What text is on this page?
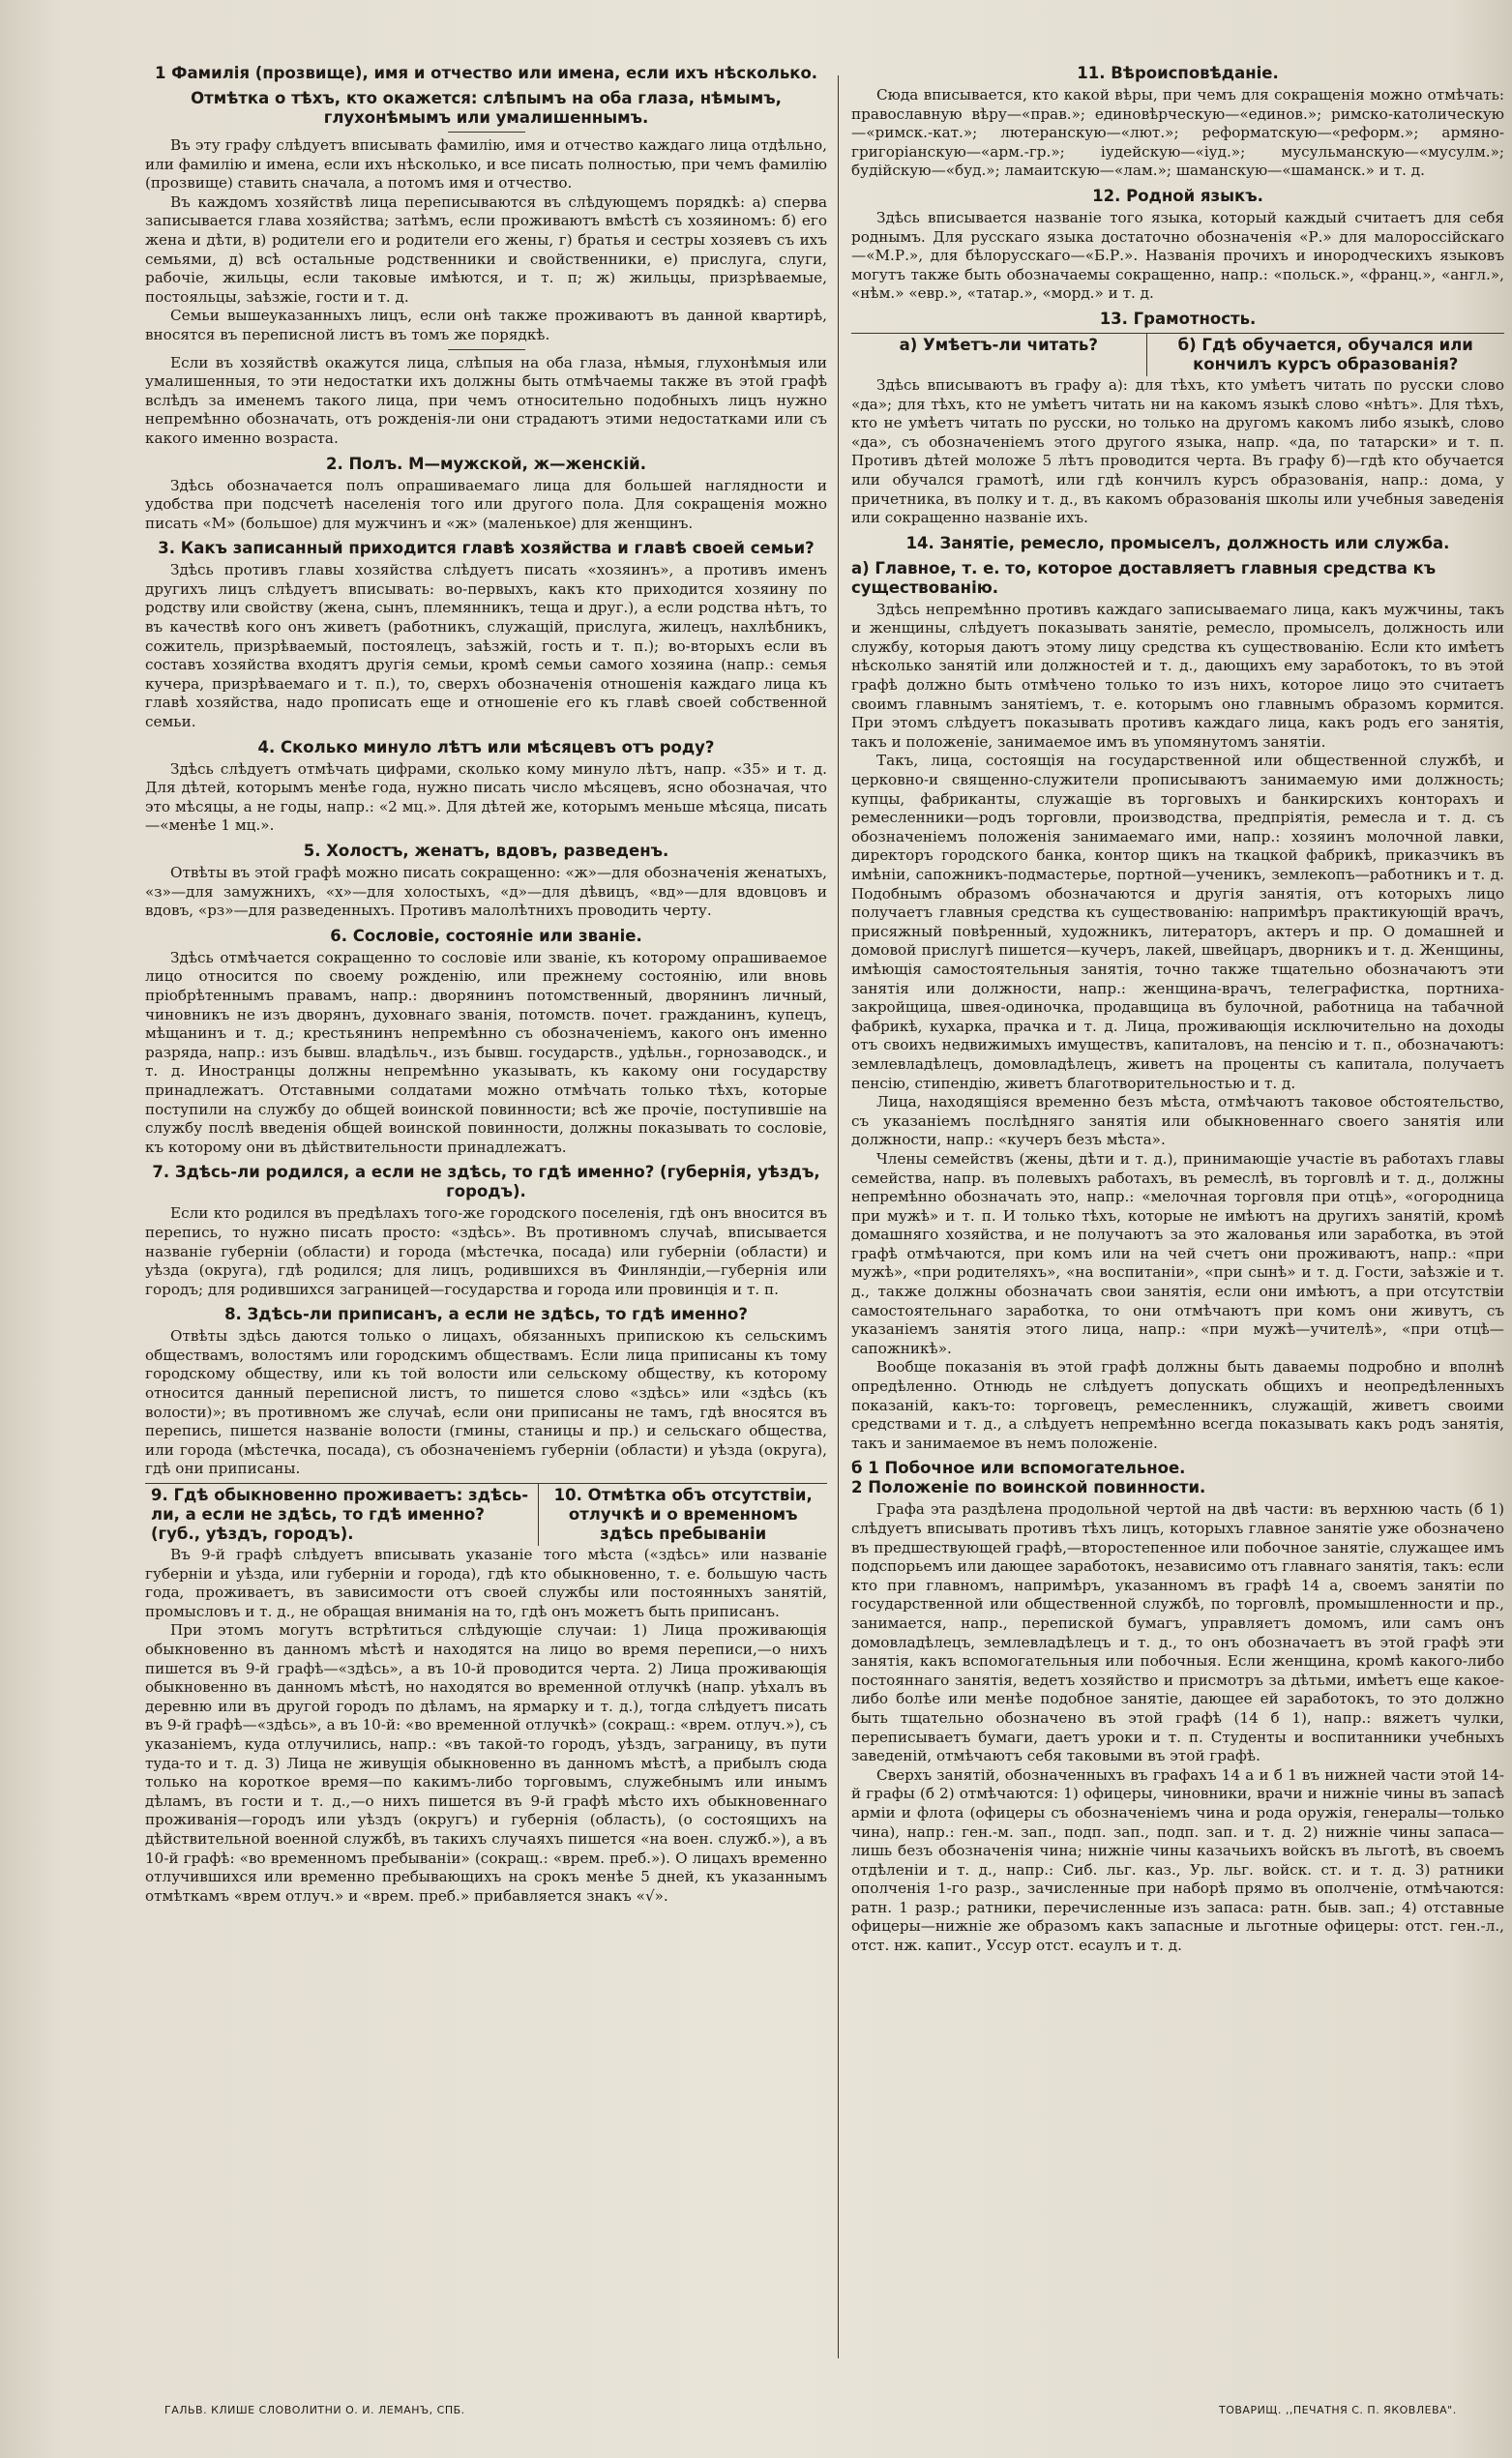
1 Фамилія (прозвище), имя и отчество или имена, если ихъ нѣсколько.
Отмѣтка о тѣхъ, кто окажется: слѣпымъ на оба глаза, нѣмымъ, глухонѣмымъ или умалишеннымъ.

Въ эту графу слѣдуетъ вписывать фамилію, имя и отчество каждаго лица отдѣльно, или фамилію и имена, если ихъ нѣсколько, и все писать полностью, при чемъ фамилію (прозвище) ставить сначала, а потомъ имя и отчество.

Въ каждомъ хозяйствѣ лица переписываются въ слѣдующемъ порядкѣ: а) сперва записывается глава хозяйства; затѣмъ, если проживаютъ вмѣстѣ съ хозяиномъ: б) его жена и дѣти, в) родители его и родители его жены, г) братья и сестры хозяевъ съ ихъ семьями, д) всѣ остальные родственники и свойственники, е) прислуга, слуги, рабочіе, жильцы, если таковые имѣются, и т. п; ж) жильцы, призрѣваемые, постояльцы, заѣзжіе, гости и т. д.

Семьи вышеуказанныхъ лицъ, если онѣ также проживаютъ въ данной квартирѣ, вносятся въ переписной листъ въ томъ же порядкѣ.

Если въ хозяйствѣ окажутся лица, слѣпыя на оба глаза, нѣмыя, глухонѣмыя или умалишенныя, то эти недостатки ихъ должны быть отмѣчаемы также въ этой графѣ вслѣдъ за именемъ такого лица, при чемъ относительно подобныхъ лицъ нужно непремѣнно обозначать, отъ рожденія-ли они страдаютъ этими недостатками или съ какого именно возраста.

2. Полъ. М—мужской, ж—женскій.

Здѣсь обозначается полъ опрашиваемаго лица для большей наглядности и удобства при подсчетѣ населенія того или другого пола. Для сокращенія можно писать «М» (большое) для мужчинъ и «ж» (маленькое) для женщинъ.

3. Какъ записанный приходится главѣ хозяйства и главѣ своей семьи?

Здѣсь противъ главы хозяйства слѣдуетъ писать «хозяинъ», а противъ именъ другихъ лицъ слѣдуетъ вписывать: во-первыхъ, какъ кто приходится хозяину по родству или свойству (жена, сынъ, племянникъ, теща и друг.), а если родства нѣтъ, то въ качествѣ кого онъ живетъ (работникъ, служащій, прислуга, жилецъ, нахлѣбникъ, сожитель, призрѣваемый, постоялецъ, заѣзжій, гость и т. п.); во-вторыхъ если въ составъ хозяйства входятъ другія семьи, кромѣ семьи самого хозяина (напр.: семья кучера, призрѣваемаго и т. п.), то, сверхъ обозначенія отношенія каждаго лица къ главѣ хозяйства, надо прописать еще и отношеніе его къ главѣ своей собственной семьи.

4. Сколько минуло лѣтъ или мѣсяцевъ отъ роду?

Здѣсь слѣдуетъ отмѣчать цифрами, сколько кому минуло лѣтъ, напр. «35» и т. д. Для дѣтей, которымъ менѣе года, нужно писать число мѣсяцевъ, ясно обозначая, что это мѣсяцы, а не годы, напр.: «2 мц.». Для дѣтей же, которымъ меньше мѣсяца, писать—«менѣе 1 мц.».

5. Холостъ, женатъ, вдовъ, разведенъ.

Отвѣты въ этой графѣ можно писать сокращенно: «ж»—для обозначенія женатыхъ, «з»—для замужнихъ, «х»—для холостыхъ, «д»—для дѣвицъ, «вд»—для вдовцовъ и вдовъ, «рз»—для разведенныхъ. Противъ малолѣтнихъ проводить черту.

6. Сословіе, состояніе или званіе.

Здѣсь отмѣчается сокращенно то сословіе или званіе, къ которому опрашиваемое лицо относится по своему рожденію, или прежнему состоянію, или вновь пріобрѣтеннымъ правамъ, напр.: дворянинъ потомственный, дворянинъ личный, чиновникъ не изъ дворянъ, духовнаго званія, потомств. почет. гражданинъ, купецъ, мѣщанинъ и т. д.; крестьянинъ непремѣнно съ обозначеніемъ, какого онъ именно разряда, напр.: изъ бывш. владѣльч., изъ бывш. государств., удѣльн., горнозаводск., и т. д. Иностранцы должны непремѣнно указывать, къ какому они государству принадлежатъ. Отставными солдатами можно отмѣчать только тѣхъ, которые поступили на службу до общей воинской повинности; всѣ же прочіе, поступившіе на службу послѣ введенія общей воинской повинности, должны показывать то сословіе, къ которому они въ дѣйствительности принадлежатъ.

7. Здѣсь-ли родился, а если не здѣсь, то гдѣ именно? (губернія, уѣздъ, городъ).

Если кто родился въ предѣлахъ того-же городского поселенія, гдѣ онъ вносится въ перепись, то нужно писать просто: «здѣсь». Въ противномъ случаѣ, вписывается названіе губерніи (области) и города (мѣстечка, посада) или губерніи (области) и уѣзда (округа), гдѣ родился; для лицъ, родившихся въ Финляндіи,—губернія или городъ; для родившихся заграницей—государства и города или провинція и т. п.

8. Здѣсь-ли приписанъ, а если не здѣсь, то гдѣ именно?

Отвѣты здѣсь даются только о лицахъ, обязанныхъ припискою къ сельскимъ обществамъ, волостямъ или городскимъ обществамъ. Если лица приписаны къ тому городскому обществу, или къ той волости или сельскому обществу, къ которому относится данный переписной листъ, то пишется слово «здѣсь» или «здѣсь (къ волости)»; въ противномъ же случаѣ, если они приписаны не тамъ, гдѣ вносятся въ перепись, пишется названіе волости (гмины, станицы и пр.) и сельскаго общества, или города (мѣстечка, посада), съ обозначеніемъ губерніи (области) и уѣзда (округа), гдѣ они приписаны.

9. Гдѣ обыкновенно проживаетъ: здѣсь-ли, а если не здѣсь, то гдѣ именно? (губ., уѣздъ, городъ).
10. Отмѣтка объ отсутствіи, отлучкѣ и о временномъ здѣсь пребываніи

Въ 9-й графѣ слѣдуетъ вписывать указаніе того мѣста («здѣсь» или названіе губерніи и уѣзда, или губерніи и города), гдѣ кто обыкновенно, т. е. большую часть года, проживаетъ, въ зависимости отъ своей службы или постоянныхъ занятій, промысловъ и т. д., не обращая вниманія на то, гдѣ онъ можетъ быть приписанъ.

При этомъ могутъ встрѣтиться слѣдующіе случаи: 1) Лица проживающія обыкновенно въ данномъ мѣстѣ и находятся на лицо во время переписи,—о нихъ пишется въ 9-й графѣ—«здѣсь», а въ 10-й проводится черта. 2) Лица проживающія обыкновенно въ данномъ мѣстѣ, но находятся во временной отлучкѣ (напр. уѣхалъ въ деревню или въ другой городъ по дѣламъ, на ярмарку и т. д.), тогда слѣдуетъ писать въ 9-й графѣ—«здѣсь», а въ 10-й: «во временной отлучкѣ» (сокращ.: «врем. отлуч.»), съ указаніемъ, куда отлучились, напр.: «въ такой-то городъ, уѣздъ, заграницу, въ пути туда-то и т. д. 3) Лица не живущія обыкновенно въ данномъ мѣстѣ, а прибылъ сюда только на короткое время—по какимъ-либо торговымъ, служебнымъ или инымъ дѣламъ, въ гости и т. д.,—о нихъ пишется въ 9-й графѣ мѣсто ихъ обыкновеннаго проживанія—городъ или уѣздъ (округъ) и губернія (область), (о состоящихъ на дѣйствительной военной службѣ, въ такихъ случаяхъ пишется «на воен. служб.»), а въ 10-й графѣ: «во временномъ пребываніи» (сокращ.: «врем. преб.»). О лицахъ временно отлучившихся или временно пребывающихъ на срокъ менѣе 5 дней, къ указаннымъ отмѣткамъ «врем отлуч.» и «врем. преб.» прибавляется знакъ «√».

11. Вѣроисповѣданіе.

Сюда вписывается, кто какой вѣры, при чемъ для сокращенія можно отмѣчать: православную вѣру—«прав.»; единовѣрческую—«единов.»; римско-католическую—«римск.-кат.»; лютеранскую—«лют.»; реформатскую—«реформ.»; армяно-григоріанскую—«арм.-гр.»; іудейскую—«іуд.»; мусульманскую—«мусулм.»; будійскую—«буд.»; ламаитскую—«лам.»; шаманскую—«шаманск.» и т. д.

12. Родной языкъ.

Здѣсь вписывается названіе того языка, который каждый считаетъ для себя роднымъ. Для русскаго языка достаточно обозначенія «Р.» для малороссійскаго—«М.Р.», для бѣлорусскаго—«Б.Р.». Названія прочихъ и инородческихъ языковъ могутъ также быть обозначаемы сокращенно, напр.: «польск.», «франц.», «англ.», «нѣм.» «евр.», «татар.», «морд.» и т. д.

13. Грамотность.
а) Умѣетъ-ли читать?	б) Гдѣ обучается, обучался или кончилъ курсъ образованія?

Здѣсь вписываютъ въ графу а): для тѣхъ, кто умѣетъ читать по русски слово «да»; для тѣхъ, кто не умѣетъ читать ни на какомъ языкѣ слово «нѣтъ». Для тѣхъ, кто не умѣетъ читать по русски, но только на другомъ какомъ либо языкѣ, слово «да», съ обозначеніемъ этого другого языка, напр. «да, по татарски» и т. п. Противъ дѣтей моложе 5 лѣтъ проводится черта. Въ графу б)—гдѣ кто обучается или обучался грамотѣ, или гдѣ кончилъ курсъ образованія, напр.: дома, у причетника, въ полку и т. д., въ какомъ образованія школы или учебныя заведенія или сокращенно названіе ихъ.

14. Занятіе, ремесло, промыселъ, должность или служба.
а) Главное, т. е. то, которое доставляетъ главныя средства къ существованію.

Здѣсь непремѣнно противъ каждаго записываемаго лица, какъ мужчины, такъ и женщины, слѣдуетъ показывать занятіе, ремесло, промыселъ, должность или службу, которыя даютъ этому лицу средства къ существованію. Если кто имѣетъ нѣсколько занятій или должностей и т. д., дающихъ ему заработокъ, то въ этой графѣ должно быть отмѣчено только то изъ нихъ, которое лицо это считаетъ своимъ главнымъ занятіемъ, т. е. которымъ оно главнымъ образомъ кормится. При этомъ слѣдуетъ показывать противъ каждаго лица, какъ родъ его занятія, такъ и положеніе, занимаемое имъ въ упомянутомъ занятіи.

Такъ, лица, состоящія на государственной или общественной службѣ, и церковно-и священно-служители прописываютъ занимаемую ими должность; купцы, фабриканты, служащіе въ торговыхъ и банкирскихъ конторахъ и ремесленники—родъ торговли, производства, предпріятія, ремесла и т. д. съ обозначеніемъ положенія занимаемаго ими, напр.: хозяинъ молочной лавки, директоръ городского банка, контор щикъ на ткацкой фабрикѣ, приказчикъ въ имѣніи, сапожникъ-подмастерье, портной—ученикъ, землекопъ—работникъ и т. д. Подобнымъ образомъ обозначаются и другія занятія, отъ которыхъ лицо получаетъ главныя средства къ существованію: напримѣръ практикующій врачъ, присяжный повѣренный, художникъ, литераторъ, актеръ и пр. О домашней и домовой прислугѣ пишется—кучеръ, лакей, швейцаръ, дворникъ и т. д. Женщины, имѣющія самостоятельныя занятія, точно также тщательно обозначаютъ эти занятія или должности, напр.: женщина-врачъ, телеграфистка, портниха-закройщица, швея-одиночка, продавщица въ булочной, работница на табачной фабрикѣ, кухарка, прачка и т. д. Лица, проживающія исключительно на доходы отъ своихъ недвижимыхъ имуществъ, капиталовъ, на пенсію и т. п., обозначаютъ: землевладѣлецъ, домовладѣлецъ, живетъ на проценты съ капитала, получаетъ пенсію, стипендію, живетъ благотворительностью и т. д.

Лица, находящіяся временно безъ мѣста, отмѣчаютъ таковое обстоятельство, съ указаніемъ послѣдняго занятія или обыкновеннаго своего занятія или должности, напр.: «кучеръ безъ мѣста».

Члены семействъ (жены, дѣти и т. д.), принимающіе участіе въ работахъ главы семейства, напр. въ полевыхъ работахъ, въ ремеслѣ, въ торговлѣ и т. д., должны непремѣнно обозначать это, напр.: «мелочная торговля при отцѣ», «огородница при мужѣ» и т. п. И только тѣхъ, которые не имѣютъ на другихъ занятій, кромѣ домашняго хозяйства, и не получаютъ за это жалованья или заработка, въ этой графѣ отмѣчаются, при комъ или на чей счетъ они проживаютъ, напр.: «при мужѣ», «при родителяхъ», «на воспитаніи», «при сынѣ» и т. д. Гости, заѣзжіе и т. д., также должны обозначать свои занятія, если они имѣютъ, а при отсутствіи самостоятельнаго заработка, то они отмѣчаютъ при комъ они живутъ, съ указаніемъ занятія этого лица, напр.: «при мужѣ—учителѣ», «при отцѣ—сапожникѣ».

Вообще показанія въ этой графѣ должны быть даваемы подробно и вполнѣ опредѣленно. Отнюдь не слѣдуетъ допускать общихъ и неопредѣленныхъ показаній, какъ-то: торговецъ, ремесленникъ, служащій, живетъ своими средствами и т. д., а слѣдуетъ непремѣнно всегда показывать какъ родъ занятія, такъ и занимаемое въ немъ положеніе.

б 1 Побочное или вспомогательное.
2 Положеніе по воинской повинности.

Графа эта раздѣлена продольной чертой на двѣ части: въ верхнюю часть (б 1) слѣдуетъ вписывать противъ тѣхъ лицъ, которыхъ главное занятіе уже обозначено въ предшествующей графѣ,—второстепенное или побочное занятіе, служащее имъ подспорьемъ или дающее заработокъ, независимо отъ главнаго занятія, такъ: если кто при главномъ, напримѣръ, указанномъ въ графѣ 14 а, своемъ занятіи по государственной или общественной службѣ, по торговлѣ, промышленности и пр., занимается, напр., перепиской бумагъ, управляетъ домомъ, или самъ онъ домовладѣлецъ, землевладѣлецъ и т. д., то онъ обозначаетъ въ этой графѣ эти занятія, какъ вспомогательныя или побочныя. Если женщина, кромѣ какого-либо постояннаго занятія, ведетъ хозяйство и присмотръ за дѣтьми, имѣетъ еще какое-либо болѣе или менѣе подобное занятіе, дающее ей заработокъ, то это должно быть тщательно обозначено въ этой графѣ (14 б 1), напр.: вяжетъ чулки, переписываетъ бумаги, даетъ уроки и т. п. Студенты и воспитанники учебныхъ заведеній, отмѣчаютъ себя таковыми въ этой графѣ.

Сверхъ занятій, обозначенныхъ въ графахъ 14 а и б 1 въ нижней части этой 14-й графы (б 2) отмѣчаются: 1) офицеры, чиновники, врачи и нижніе чины въ запасѣ арміи и флота (офицеры съ обозначеніемъ чина и рода оружія, генералы—только чина), напр.: ген.-м. зап., подп. зап., подп. зап. и т. д. 2) нижніе чины запаса—лишь безъ обозначенія чина; нижніе чины казачьихъ войскъ въ льготѣ, въ своемъ отдѣленіи и т. д., напр.: Сиб. льг. каз., Ур. льг. войск. ст. и т. д. 3) ратники ополченія 1-го разр., зачисленные при наборѣ прямо въ ополченіе, отмѣчаются: ратн. 1 разр.; ратники, перечисленные изъ запаса: ратн. быв. зап.; 4) отставные офицеры—нижніе же образомъ какъ запасные и льготные офицеры: отст. ген.-л., отст. нж. капит., Уссур отст. есаулъ и т. д.

ГАЛЬВ. КЛИШЕ СЛОВОЛИТНИ О. И. ЛЕМАНЪ, СПБ.	ТОВАРИЩ. ,,ПЕЧАТНЯ С. П. ЯКОВЛЕВА".
